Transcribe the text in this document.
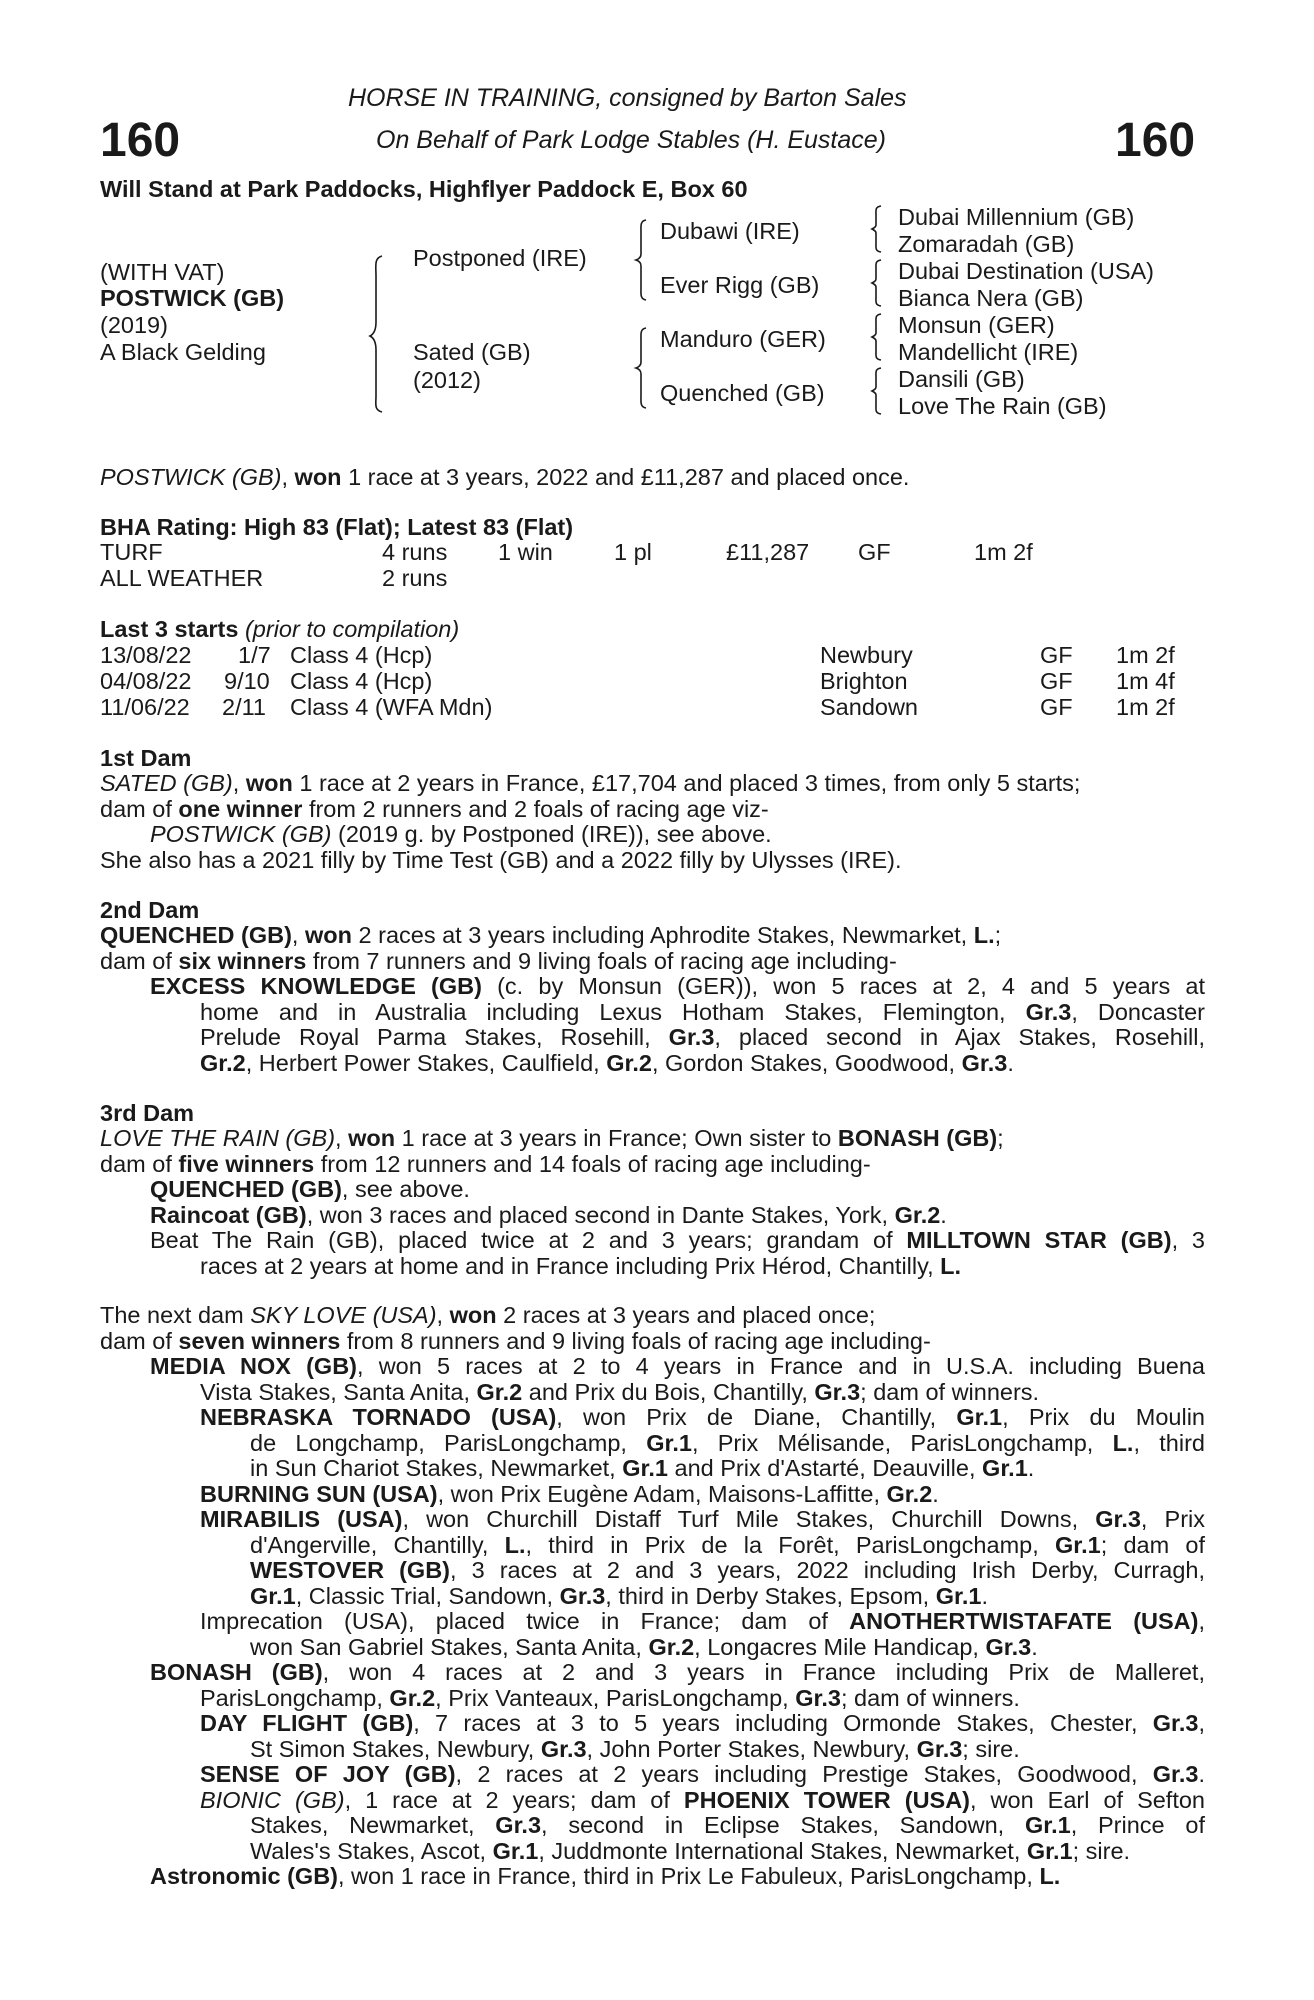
HORSE IN TRAINING, consigned by Barton Sales
On Behalf of Park Lodge Stables (H. Eustace)
160	160
Will Stand at Park Paddocks, Highflyer Paddock E, Box 60
(WITH VAT)
POSTWICK (GB)
(2019)
A Black Gelding
Postponed (IRE)
Sated (GB)
(2012)
Dubawi (IRE)
Ever Rigg (GB)
Manduro (GER)
Quenched (GB)
Dubai Millennium (GB)
Zomaradah (GB)
Dubai Destination (USA)
Bianca Nera (GB)
Monsun (GER)
Mandellicht (IRE)
Dansili (GB)
Love The Rain (GB)
POSTWICK (GB), won 1 race at 3 years, 2022 and £11,287 and placed once.
BHA Rating: High 83 (Flat); Latest 83 (Flat)
TURF	4 runs 1 win	1 pl	£11,287 GF	1m 2f
ALL WEATHER	2 runs
Last 3 starts (prior to compilation)
13/08/22 1/7 Class 4 (Hcp)	Newbury	GF 1m 2f
04/08/22 9/10 Class 4 (Hcp)	Brighton	GF 1m 4f
11/06/22 2/11 Class 4 (WFA Mdn)	Sandown	GF 1m 2f
1st Dam
SATED (GB), won 1 race at 2 years in France, £17,704 and placed 3 times, from only 5 starts;
dam of one winner from 2 runners and 2 foals of racing age viz-
POSTWICK (GB) (2019 g. by Postponed (IRE)), see above.
She also has a 2021 filly by Time Test (GB) and a 2022 filly by Ulysses (IRE).
2nd Dam
QUENCHED (GB), won 2 races at 3 years including Aphrodite Stakes, Newmarket, L.;
dam of six winners from 7 runners and 9 living foals of racing age including-
EXCESS KNOWLEDGE (GB) (c. by Monsun (GER)), won 5 races at 2, 4 and 5 years at
home and in Australia including Lexus Hotham Stakes, Flemington, Gr.3, Doncaster
Prelude Royal Parma Stakes, Rosehill, Gr.3, placed second in Ajax Stakes, Rosehill,
Gr.2, Herbert Power Stakes, Caulfield, Gr.2, Gordon Stakes, Goodwood, Gr.3.
3rd Dam
LOVE THE RAIN (GB), won 1 race at 3 years in France; Own sister to BONASH (GB);
dam of five winners from 12 runners and 14 foals of racing age including-
QUENCHED (GB), see above.
Raincoat (GB), won 3 races and placed second in Dante Stakes, York, Gr.2.
Beat The Rain (GB), placed twice at 2 and 3 years; grandam of MILLTOWN STAR (GB), 3
races at 2 years at home and in France including Prix Hérod, Chantilly, L.
The next dam SKY LOVE (USA), won 2 races at 3 years and placed once;
dam of seven winners from 8 runners and 9 living foals of racing age including-
MEDIA NOX (GB), won 5 races at 2 to 4 years in France and in U.S.A. including Buena
Vista Stakes, Santa Anita, Gr.2 and Prix du Bois, Chantilly, Gr.3; dam of winners.
NEBRASKA TORNADO (USA), won Prix de Diane, Chantilly, Gr.1, Prix du Moulin
de Longchamp, ParisLongchamp, Gr.1, Prix Mélisande, ParisLongchamp, L., third
in Sun Chariot Stakes, Newmarket, Gr.1 and Prix d'Astarté, Deauville, Gr.1.
BURNING SUN (USA), won Prix Eugène Adam, Maisons-Laffitte, Gr.2.
MIRABILIS (USA), won Churchill Distaff Turf Mile Stakes, Churchill Downs, Gr.3, Prix
d'Angerville, Chantilly, L., third in Prix de la Forêt, ParisLongchamp, Gr.1; dam of
WESTOVER (GB), 3 races at 2 and 3 years, 2022 including Irish Derby, Curragh,
Gr.1, Classic Trial, Sandown, Gr.3, third in Derby Stakes, Epsom, Gr.1.
Imprecation (USA), placed twice in France; dam of ANOTHERTWISTAFATE (USA),
won San Gabriel Stakes, Santa Anita, Gr.2, Longacres Mile Handicap, Gr.3.
BONASH (GB), won 4 races at 2 and 3 years in France including Prix de Malleret,
ParisLongchamp, Gr.2, Prix Vanteaux, ParisLongchamp, Gr.3; dam of winners.
DAY FLIGHT (GB), 7 races at 3 to 5 years including Ormonde Stakes, Chester, Gr.3,
St Simon Stakes, Newbury, Gr.3, John Porter Stakes, Newbury, Gr.3; sire.
SENSE OF JOY (GB), 2 races at 2 years including Prestige Stakes, Goodwood, Gr.3.
BIONIC (GB), 1 race at 2 years; dam of PHOENIX TOWER (USA), won Earl of Sefton
Stakes, Newmarket, Gr.3, second in Eclipse Stakes, Sandown, Gr.1, Prince of
Wales's Stakes, Ascot, Gr.1, Juddmonte International Stakes, Newmarket, Gr.1; sire.
Astronomic (GB), won 1 race in France, third in Prix Le Fabuleux, ParisLongchamp, L.
